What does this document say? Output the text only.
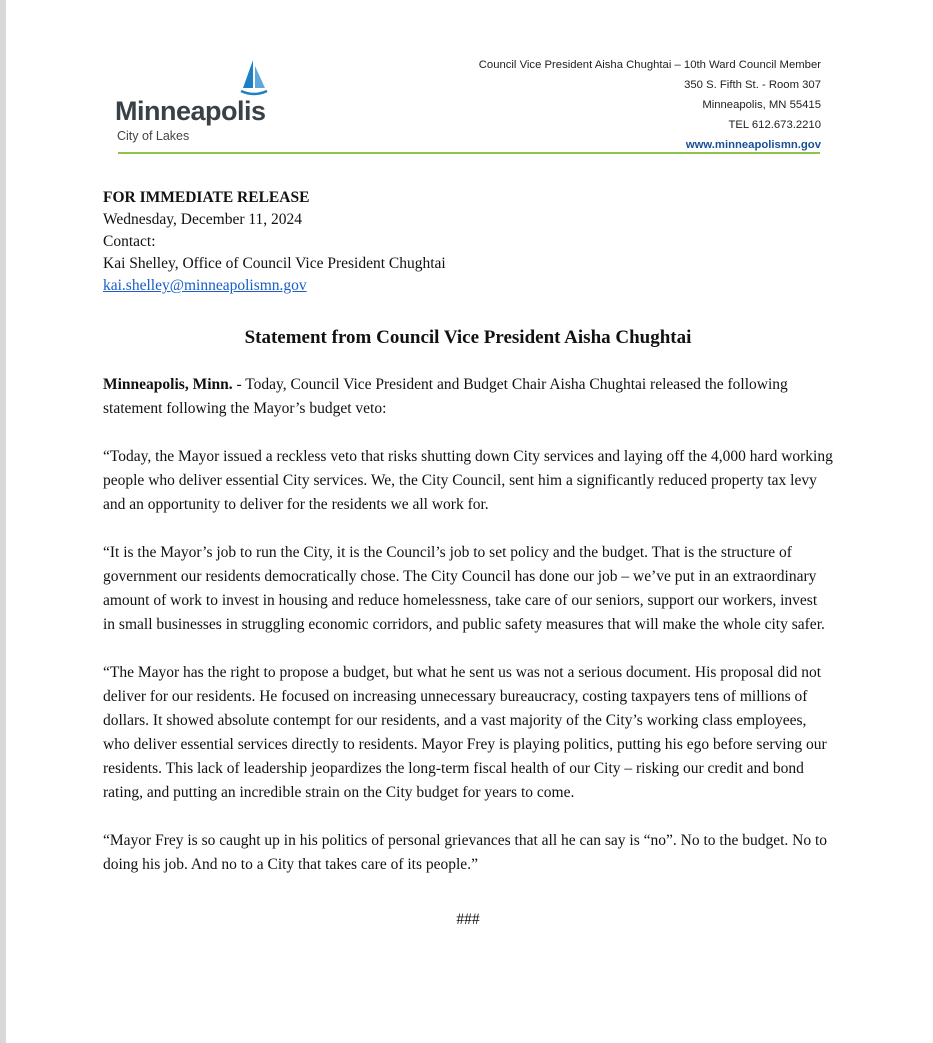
Minneapolis
City of Lakes
Council Vice President Aisha Chughtai – 10th Ward Council Member
350 S. Fifth St. - Room 307
Minneapolis, MN 55415
TEL 612.673.2210
www.minneapolismn.gov
FOR IMMEDIATE RELEASE
Wednesday, December 11, 2024
Contact:
Kai Shelley, Office of Council Vice President Chughtai
kai.shelley@minneapolismn.gov
Statement from Council Vice President Aisha Chughtai
Minneapolis, Minn. - Today, Council Vice President and Budget Chair Aisha Chughtai released the following statement following the Mayor’s budget veto:
“Today, the Mayor issued a reckless veto that risks shutting down City services and laying off the 4,000 hard working people who deliver essential City services. We, the City Council, sent him a significantly reduced property tax levy and an opportunity to deliver for the residents we all work for.
“It is the Mayor’s job to run the City, it is the Council’s job to set policy and the budget. That is the structure of government our residents democratically chose. The City Council has done our job – we’ve put in an extraordinary amount of work to invest in housing and reduce homelessness, take care of our seniors, support our workers, invest in small businesses in struggling economic corridors, and public safety measures that will make the whole city safer.
“The Mayor has the right to propose a budget, but what he sent us was not a serious document. His proposal did not deliver for our residents. He focused on increasing unnecessary bureaucracy, costing taxpayers tens of millions of dollars. It showed absolute contempt for our residents, and a vast majority of the City’s working class employees, who deliver essential services directly to residents. Mayor Frey is playing politics, putting his ego before serving our residents. This lack of leadership jeopardizes the long-term fiscal health of our City – risking our credit and bond rating, and putting an incredible strain on the City budget for years to come.
“Mayor Frey is so caught up in his politics of personal grievances that all he can say is “no”. No to the budget. No to doing his job. And no to a City that takes care of its people.”
###
